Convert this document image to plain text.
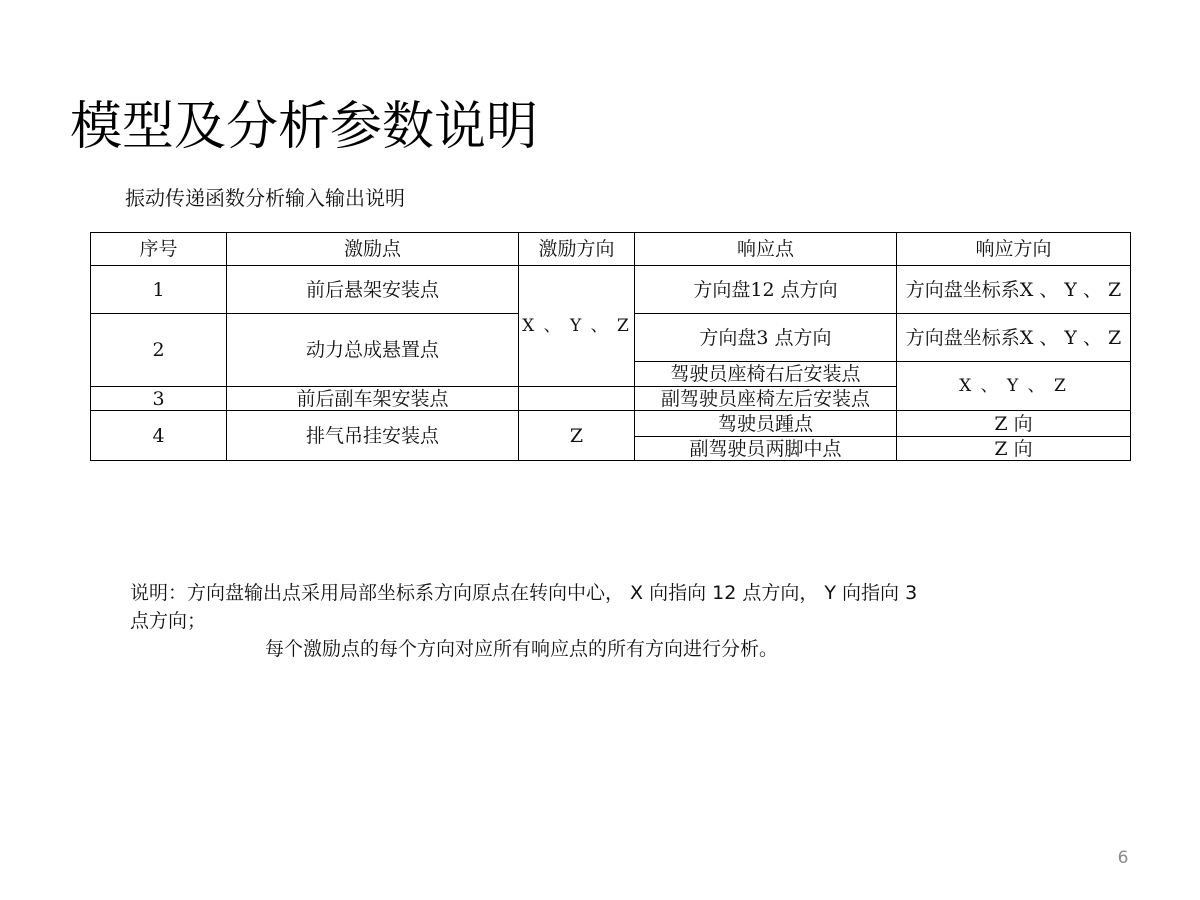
模型及分析参数说明
振动传递函数分析输入输出说明
序号	激励点	激励方向	响应点	响应方向
1	前后悬架安装点	X 、 Y 、 Z	方向盘12 点方向	方向盘坐标系X 、 Y 、 Z
2	动力总成悬置点		方向盘3 点方向	方向盘坐标系X 、 Y 、 Z
			驾驶员座椅右后安装点	X 、 Y 、 Z
3	前后副车架安装点		副驾驶员座椅左后安装点	
4	排气吊挂安装点	Z	驾驶员踵点	Z 向
			副驾驶员两脚中点	Z 向
说明：方向盘输出点采用局部坐标系方向原点在转向中心， X 向指向 12 点方向， Y 向指向 3 点方向；
每个激励点的每个方向对应所有响应点的所有方向进行分析。
6
